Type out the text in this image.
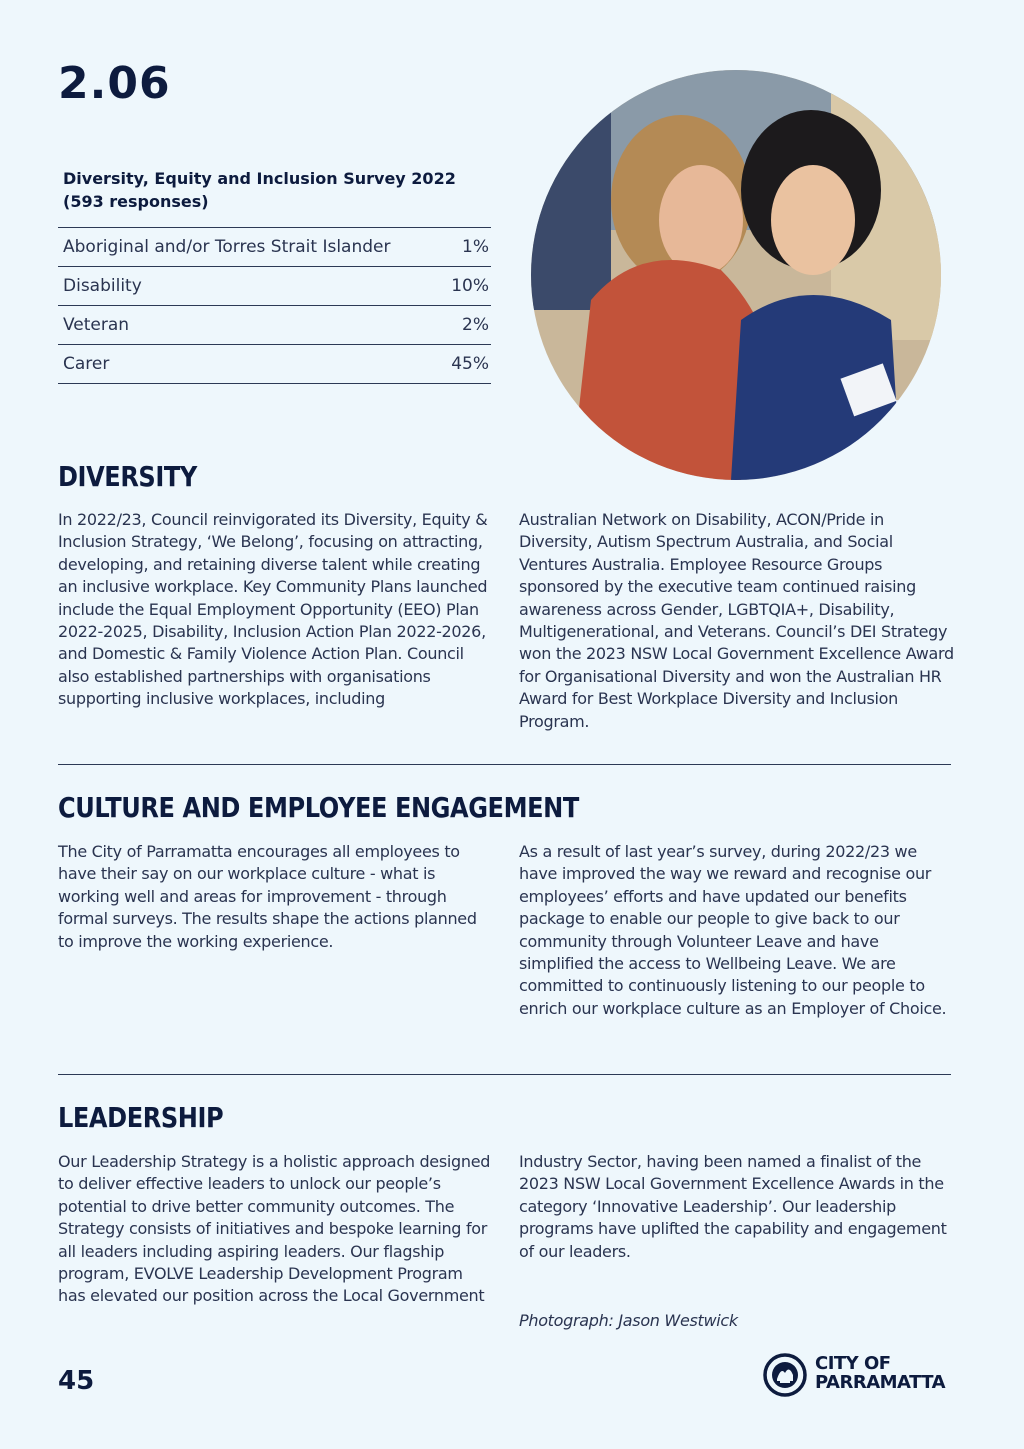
2.06
Diversity, Equity and Inclusion Survey 2022
(593 responses)
Aboriginal and/or Torres Strait Islander	1%
Disability	10%
Veteran	2%
Carer	45%
DIVERSITY

In 2022/23, Council reinvigorated its Diversity, Equity & Inclusion Strategy, ‘We Belong’, focusing on attracting, developing, and retaining diverse talent while creating an inclusive workplace. Key Community Plans launched include the Equal Employment Opportunity (EEO) Plan 2022-2025, Disability, Inclusion Action Plan 2022-2026, and Domestic & Family Violence Action Plan. Council also established partnerships with organisations supporting inclusive workplaces, including

Australian Network on Disability, ACON/Pride in Diversity, Autism Spectrum Australia, and Social Ventures Australia. Employee Resource Groups sponsored by the executive team continued raising awareness across Gender, LGBTQIA+, Disability, Multigenerational, and Veterans. Council’s DEI Strategy won the 2023 NSW Local Government Excellence Award for Organisational Diversity and won the Australian HR Award for Best Workplace Diversity and Inclusion Program.

CULTURE AND EMPLOYEE ENGAGEMENT

The City of Parramatta encourages all employees to have their say on our workplace culture - what is working well and areas for improvement - through formal surveys. The results shape the actions planned to improve the working experience.

As a result of last year’s survey, during 2022/23 we have improved the way we reward and recognise our employees’ efforts and have updated our benefits package to enable our people to give back to our community through Volunteer Leave and have simplified the access to Wellbeing Leave. We are committed to continuously listening to our people to enrich our workplace culture as an Employer of Choice.

LEADERSHIP

Our Leadership Strategy is a holistic approach designed to deliver effective leaders to unlock our people’s potential to drive better community outcomes. The Strategy consists of initiatives and bespoke learning for all leaders including aspiring leaders. Our flagship program, EVOLVE Leadership Development Program has elevated our position across the Local Government

Industry Sector, having been named a finalist of the 2023 NSW Local Government Excellence Awards in the category ‘Innovative Leadership’. Our leadership programs have uplifted the capability and engagement of our leaders.

Photograph: Jason Westwick
45
CITY OF
PARRAMATTA
